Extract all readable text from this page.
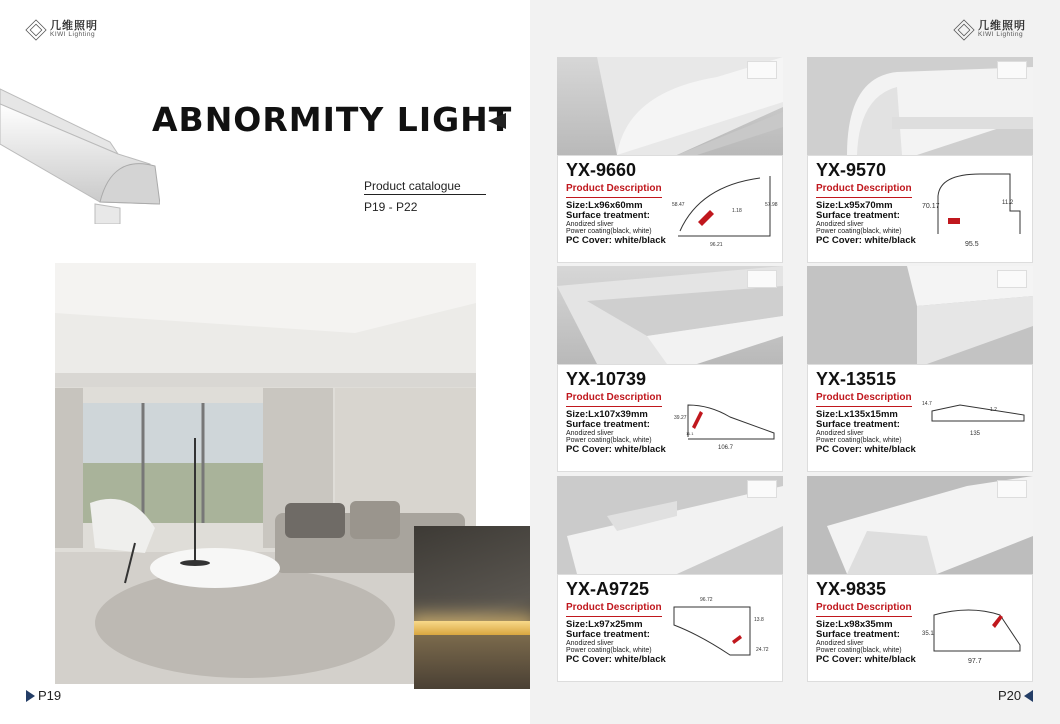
几维照明
KIWI Lighting
ABNORMITY LIGHT
Product catalogue
P19 - P22
P19
几维照明
KIWI Lighting
YX-9660
Product Description
Size:Lx96x60mm
Surface treatment:
Anodized sliver
Power coating(black, white)
PC Cover: white/black	96.21
58.47	57.98
1.18
YX-9570
Product Description
Size:Lx95x70mm
Surface treatment:
Anodized sliver
Power coating(black, white)
PC Cover: white/black	95.5
70.17	11.2
YX-10739
Product Description
Size:Lx107x39mm
Surface treatment:
Anodized sliver
Power coating(black, white)
PC Cover: white/black	106.7
39.27
11.1
YX-13515
Product Description
Size:Lx135x15mm
Surface treatment:
Anodized sliver
Power coating(black, white)
PC Cover: white/black
135
14.7
1.2
YX-A9725
Product Description
Size:Lx97x25mm
Surface treatment:
Anodized sliver
Power coating(black, white)
PC Cover: white/black
96.72
24.72
13.8
YX-9835
Product Description
Size:Lx98x35mm
Surface treatment:
Anodized sliver
Power coating(black, white)
PC Cover: white/black	97.7
35.1
P20
